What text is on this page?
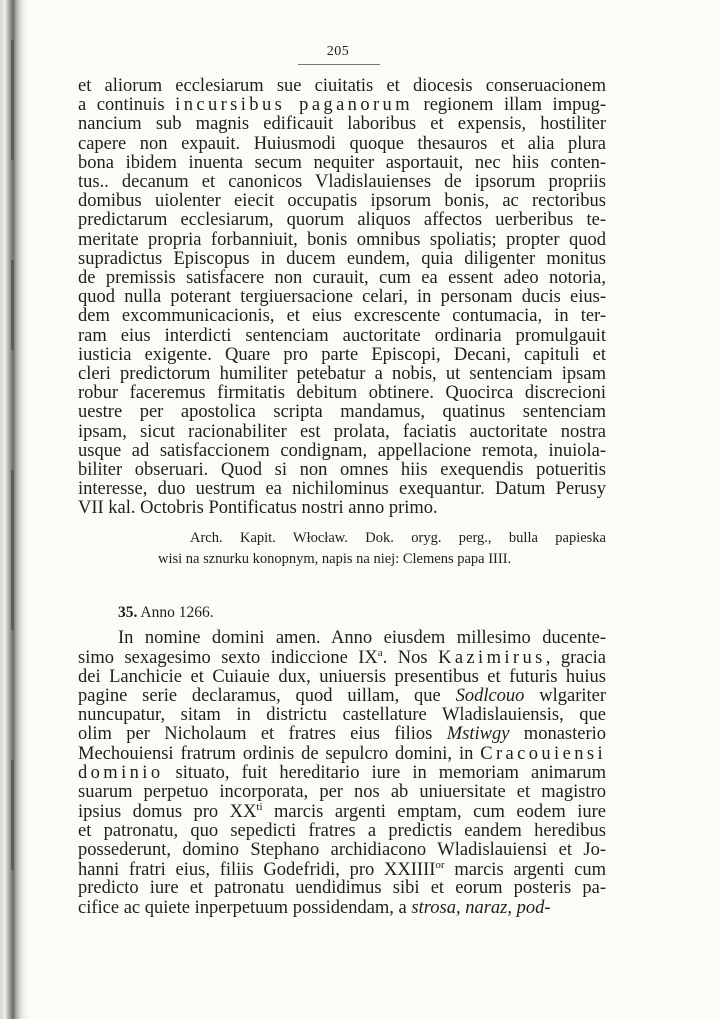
205
et aliorum ecclesiarum sue ciuitatis et diocesis conseruacionem
a continuis incursibus paganorum regionem illam impug-
nancium sub magnis edificauit laboribus et expensis, hostiliter
capere non expauit. Huiusmodi quoque thesauros et alia plura
bona ibidem inuenta secum nequiter asportauit, nec hiis conten-
tus.. decanum et canonicos Vladislauienses de ipsorum propriis
domibus uiolenter eiecit occupatis ipsorum bonis, ac rectoribus
predictarum ecclesiarum, quorum aliquos affectos uerberibus te-
meritate propria forbanniuit, bonis omnibus spoliatis; propter quod
supradictus Episcopus in ducem eundem, quia diligenter monitus
de premissis satisfacere non curauit, cum ea essent adeo notoria,
quod nulla poterant tergiuersacione celari, in personam ducis eius-
dem excommunicacionis, et eius excrescente contumacia, in ter-
ram eius interdicti sentenciam auctoritate ordinaria promulgauit
iusticia exigente. Quare pro parte Episcopi, Decani, capituli et
cleri predictorum humiliter petebatur a nobis, ut sentenciam ipsam
robur faceremus firmitatis debitum obtinere. Quocirca discrecioni
uestre per apostolica scripta mandamus, quatinus sentenciam
ipsam, sicut racionabiliter est prolata, faciatis auctoritate nostra
usque ad satisfaccionem condignam, appellacione remota, inuiola-
biliter obseruari. Quod si non omnes hiis exequendis potueritis
interesse, duo uestrum ea nichilominus exequantur. Datum Perusy
VII kal. Octobris Pontificatus nostri anno primo.
Arch. Kapit. Włocław. Dok. oryg. perg., bulla papieska
wisi na sznurku konopnym, napis na niej: Clemens papa IIII.
35. Anno 1266.
In nomine domini amen. Anno eiusdem millesimo ducente-
simo sexagesimo sexto indiccione $IX^a$. Nos Kazimirus, gracia
dei Lanchicie et Cuiauie dux, uniuersis presentibus et futuris huius
pagine serie declaramus, quod uillam, que Sodlcouo wlgariter
nuncupatur, sitam in districtu castellature Wladislauiensis, que
olim per Nicholaum et fratres eius filios Mstiwgy monasterio
Mechouiensi fratrum ordinis de sepulcro domini, in Cracouiensi
dominio situato, fuit hereditario iure in memoriam animarum
suarum perpetuo incorporata, per nos ab uniuersitate et magistro
ipsius domus pro $XX^{ti}$ marcis argenti emptam, cum eodem iure
et patronatu, quo sepedicti fratres a predictis eandem heredibus
possederunt, domino Stephano archidiacono Wladislauiensi et Jo-
hanni fratri eius, filiis Godefridi, pro $XXIIII^{or}$ marcis argenti cum
predicto iure et patronatu uendidimus sibi et eorum posteris pa-
cifice ac quiete inperpetuum possidendam, a strosa, naraz, pod-
